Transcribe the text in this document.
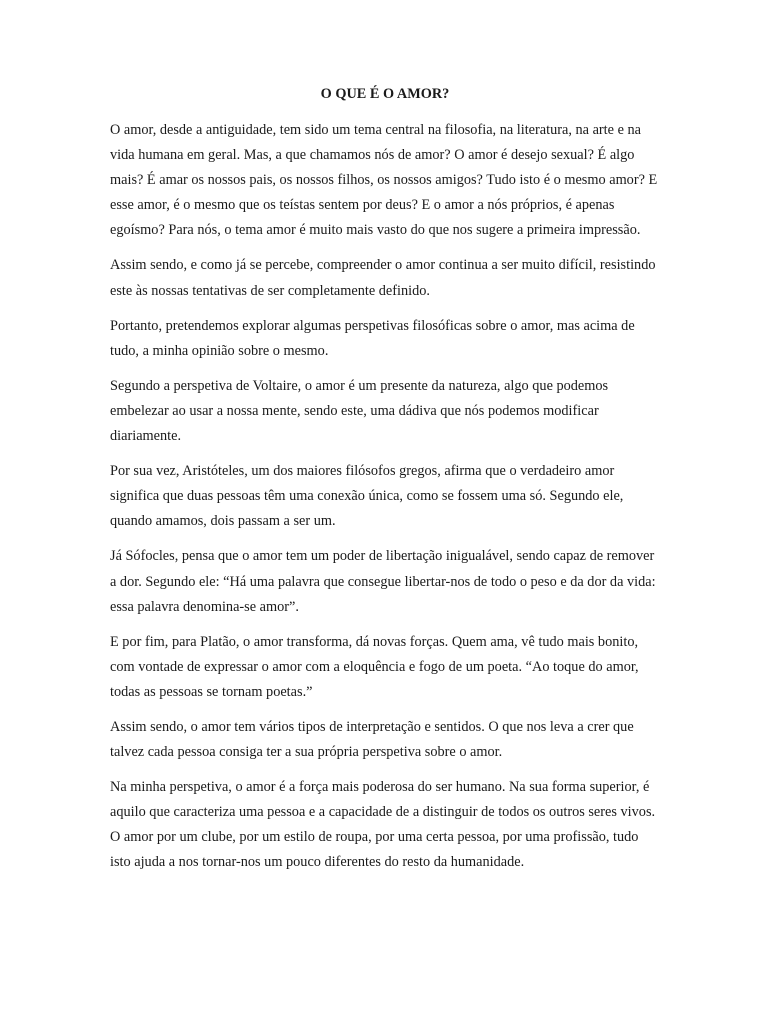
O QUE É O AMOR?

O amor, desde a antiguidade, tem sido um tema central na filosofia, na literatura, na arte e na vida humana em geral. Mas, a que chamamos nós de amor? O amor é desejo sexual? É algo mais? É amar os nossos pais, os nossos filhos, os nossos amigos? Tudo isto é o mesmo amor? E esse amor, é o mesmo que os teístas sentem por deus? E o amor a nós próprios, é apenas egoísmo? Para nós, o tema amor é muito mais vasto do que nos sugere a primeira impressão.

Assim sendo, e como já se percebe, compreender o amor continua a ser muito difícil, resistindo este às nossas tentativas de ser completamente definido.

Portanto, pretendemos explorar algumas perspetivas filosóficas sobre o amor, mas acima de tudo, a minha opinião sobre o mesmo.

Segundo a perspetiva de Voltaire, o amor é um presente da natureza, algo que podemos embelezar ao usar a nossa mente, sendo este, uma dádiva que nós podemos modificar diariamente.

Por sua vez, Aristóteles, um dos maiores filósofos gregos, afirma que o verdadeiro amor significa que duas pessoas têm uma conexão única, como se fossem uma só. Segundo ele, quando amamos, dois passam a ser um.

Já Sófocles, pensa que o amor tem um poder de libertação inigualável, sendo capaz de remover a dor. Segundo ele: “Há uma palavra que consegue libertar-nos de todo o peso e da dor da vida: essa palavra denomina-se amor”.

E por fim, para Platão, o amor transforma, dá novas forças. Quem ama, vê tudo mais bonito, com vontade de expressar o amor com a eloquência e fogo de um poeta. “Ao toque do amor, todas as pessoas se tornam poetas.”

Assim sendo, o amor tem vários tipos de interpretação e sentidos. O que nos leva a crer que talvez cada pessoa consiga ter a sua própria perspetiva sobre o amor.

Na minha perspetiva, o amor é a força mais poderosa do ser humano. Na sua forma superior, é aquilo que caracteriza uma pessoa e a capacidade de a distinguir de todos os outros seres vivos. O amor por um clube, por um estilo de roupa, por uma certa pessoa, por uma profissão, tudo isto ajuda a nos tornar-nos um pouco diferentes do resto da humanidade.
